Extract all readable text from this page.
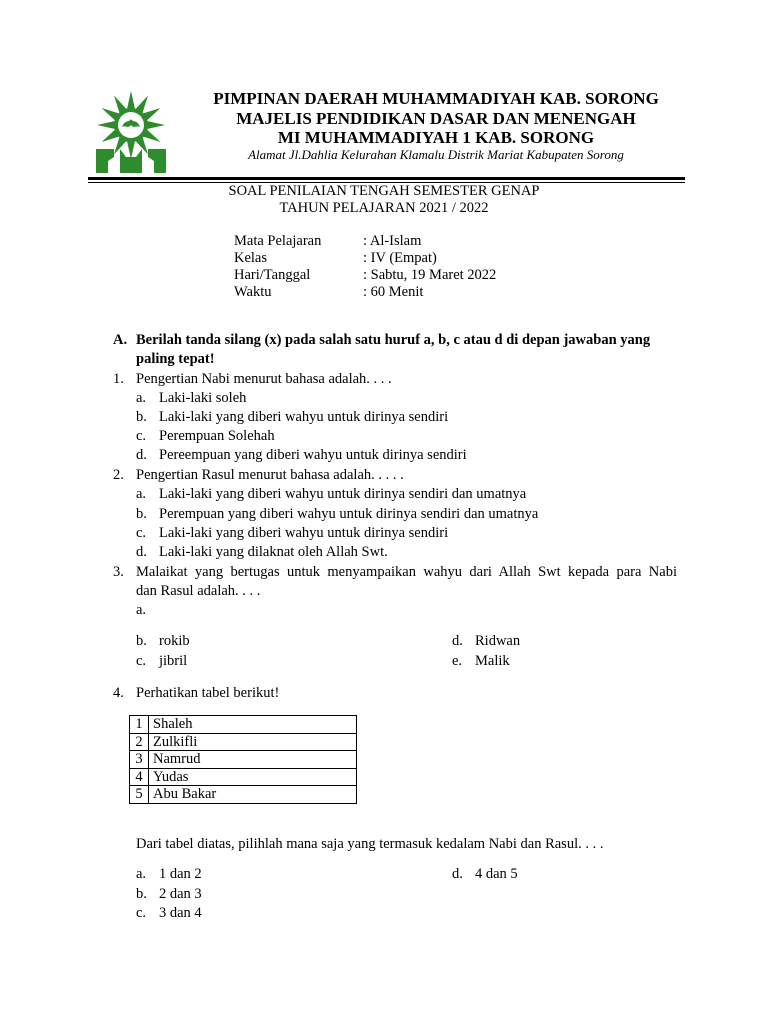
PIMPINAN DAERAH MUHAMMADIYAH KAB. SORONG
MAJELIS PENDIDIKAN DASAR DAN MENENGAH
MI MUHAMMADIYAH 1 KAB. SORONG
Alamat Jl.Dahlia Kelurahan Klamalu Distrik Mariat Kabupaten Sorong
SOAL PENILAIAN TENGAH SEMESTER GENAP
TAHUN PELAJARAN 2021 / 2022
Mata Pelajaran	: Al-Islam
Kelas	: IV (Empat)
Hari/Tanggal	: Sabtu, 19 Maret 2022
Waktu	: 60 Menit
A. Berilah tanda silang (x) pada salah satu huruf a, b, c atau d di depan jawaban yang
paling tepat!
1. Pengertian Nabi menurut bahasa adalah. . . .
a. Laki-laki soleh
b. Laki-laki yang diberi wahyu untuk dirinya sendiri
c. Perempuan Solehah
d. Pereempuan yang diberi wahyu untuk dirinya sendiri
2. Pengertian Rasul menurut bahasa adalah. . . . .
a. Laki-laki yang diberi wahyu untuk dirinya sendiri dan umatnya
b. Perempuan yang diberi wahyu untuk dirinya sendiri dan umatnya
c. Laki-laki yang diberi wahyu untuk dirinya sendiri
d. Laki-laki yang dilaknat oleh Allah Swt.
3. Malaikat yang bertugas untuk menyampaikan wahyu dari Allah Swt kepada para Nabi
dan Rasul adalah. . . .
a.
b. rokib
c. jibril
d. Ridwan
e. Malik
4. Perhatikan tabel berikut!
1	Shaleh
2	Zulkifli
3	Namrud
4	Yudas
5	Abu Bakar
Dari tabel diatas, pilihlah mana saja yang termasuk kedalam Nabi dan Rasul. . . .
a. 1 dan 2
b. 2 dan 3
c. 3 dan 4
d. 4 dan 5
